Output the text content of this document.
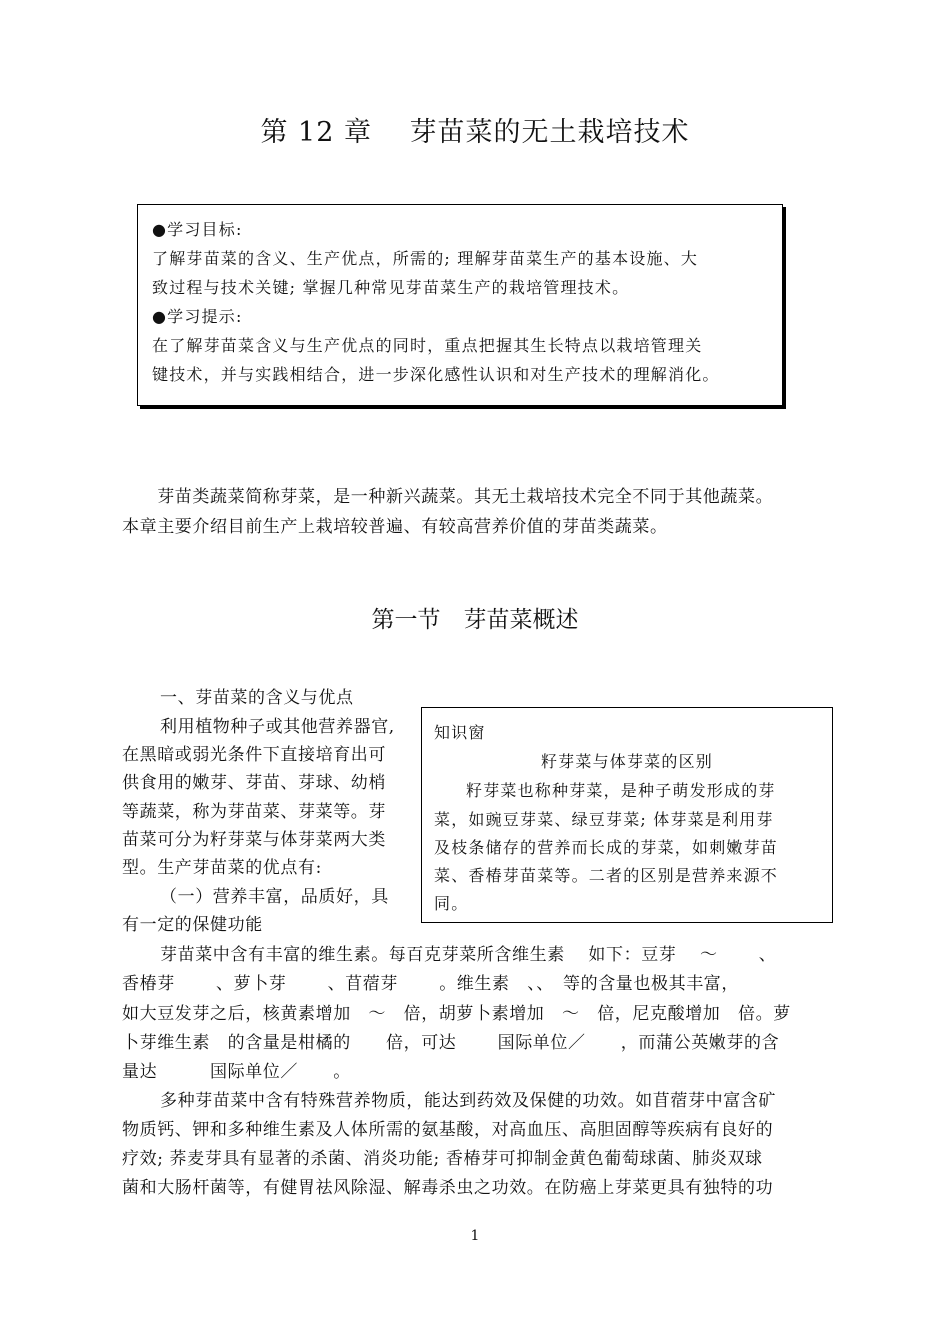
第 12 章　 芽苗菜的无土栽培技术
●学习目标:
了解芽苗菜的含义、生产优点，所需的; 理解芽苗菜生产的基本设施、大
致过程与技术关键; 掌握几种常见芽苗菜生产的栽培管理技术。
●学习提示:
在了解芽苗菜含义与生产优点的同时，重点把握其生长特点以栽培管理关
键技术，并与实践相结合，进一步深化感性认识和对生产技术的理解消化。
　　芽苗类蔬菜简称芽菜，是一种新兴蔬菜。其无土栽培技术完全不同于其他蔬菜。
本章主要介绍目前生产上栽培较普遍、有较高营养价值的芽苗类蔬菜。
第一节　芽苗菜概述
一、芽苗菜的含义与优点
利用植物种子或其他营养器官,
在黑暗或弱光条件下直接培育出可
供食用的嫩芽、芽苗、芽球、幼梢
等蔬菜，称为芽苗菜、芽菜等。芽
苗菜可分为籽芽菜与体芽菜两大类
型。生产芽苗菜的优点有:
（一）营养丰富，品质好，具
有一定的保健功能
知识窗
籽芽菜与体芽菜的区别
籽芽菜也称种芽菜，是种子萌发形成的芽
菜，如豌豆芽菜、绿豆芽菜; 体芽菜是利用芽
及枝条储存的营养而长成的芽菜，如刺嫩芽苗
菜、香椿芽苗菜等。二者的区别是营养来源不
同。
芽苗菜中含有丰富的维生素。每百克芽菜所含维生素　 如下：豆芽　 ～　　 、
香椿芽　　 、萝卜芽　　 、苜蓿芽　　 。维生素　、、　等的含量也极其丰富，
如大豆发芽之后，核黄素增加　～　倍，胡萝卜素增加　～　倍，尼克酸增加　倍。萝
卜芽维生素　的含量是柑橘的　　倍，可达　　 国际单位／　　，而蒲公英嫩芽的含
量达　　　国际单位／　　。
多种芽苗菜中含有特殊营养物质，能达到药效及保健的功效。如苜蓿芽中富含矿
物质钙、钾和多种维生素及人体所需的氨基酸，对高血压、高胆固醇等疾病有良好的
疗效; 荞麦芽具有显著的杀菌、消炎功能; 香椿芽可抑制金黄色葡萄球菌、肺炎双球
菌和大肠杆菌等，有健胃祛风除湿、解毒杀虫之功效。在防癌上芽菜更具有独特的功
1
